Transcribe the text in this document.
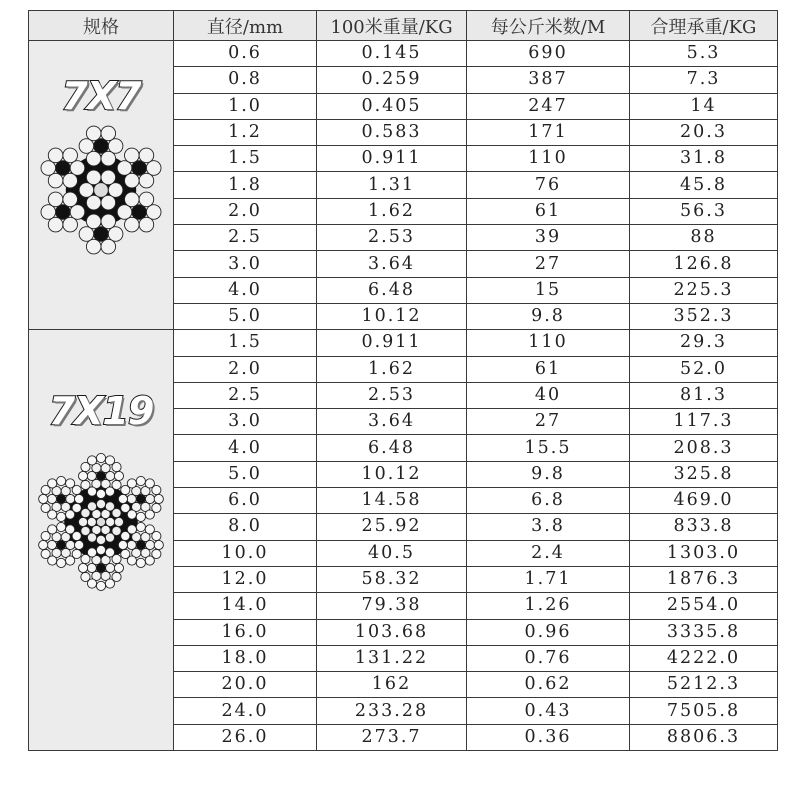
规格	直径/mm	100米重量/KG	每公斤米数/M	合理承重/KG

7X7	0.6	0.145	690	5.3
	0.8	0.259	387	7.3
	1.0	0.405	247	14
	1.2	0.583	171	20.3
	1.5	0.911	110	31.8
	1.8	1.31	76	45.8
	2.0	1.62	61	56.3
	2.5	2.53	39	88
	3.0	3.64	27	126.8
	4.0	6.48	15	225.3
	5.0	10.12	9.8	352.3

7X19	1.5	0.911	110	29.3
	2.0	1.62	61	52.0
	2.5	2.53	40	81.3
	3.0	3.64	27	117.3
	4.0	6.48	15.5	208.3
	5.0	10.12	9.8	325.8
	6.0	14.58	6.8	469.0
	8.0	25.92	3.8	833.8
	10.0	40.5	2.4	1303.0
	12.0	58.32	1.71	1876.3
	14.0	79.38	1.26	2554.0
	16.0	103.68	0.96	3335.8
	18.0	131.22	0.76	4222.0
	20.0	162	0.62	5212.3
	24.0	233.28	0.43	7505.8
	26.0	273.7	0.36	8806.3
